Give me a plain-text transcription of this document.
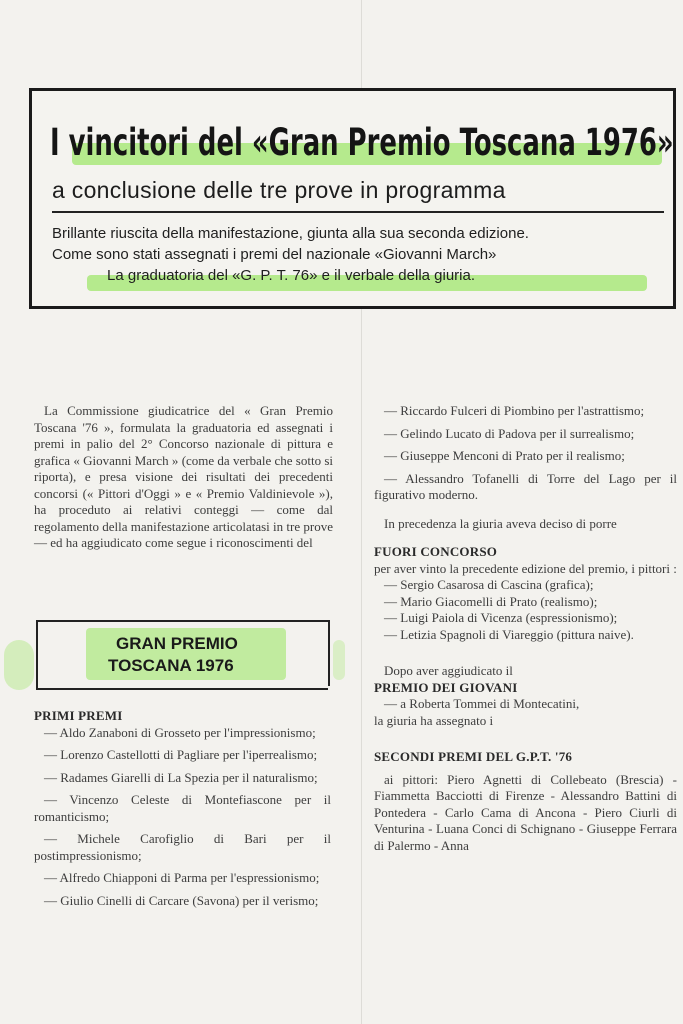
I vincitori del «Gran Premio Toscana 1976»
a conclusione delle tre prove in programma
Brillante riuscita della manifestazione, giunta alla sua seconda edizione.
Come sono stati assegnati i premi del nazionale «Giovanni March»
La graduatoria del «G. P. T. 76» e il verbale della giuria.

La Commissione giudicatrice del « Gran Premio Toscana '76 », formulata la graduatoria ed assegnati i premi in palio del 2° Concorso nazionale di pittura e grafica « Giovanni March » (come da verbale che sotto si riporta), e presa visione dei risultati dei precedenti concorsi (« Pittori d'Oggi » e « Premio Valdinievole »), ha proceduto ai relativi conteggi — come dal regolamento della manifestazione articolatasi in tre prove — ed ha aggiudicato come segue i riconoscimenti del

GRAN PREMIO
TOSCANA 1976
PRIMI PREMI

— Aldo Zanaboni di Grosseto per l'impressionismo;

— Lorenzo Castellotti di Pagliare per l'iperrealismo;

— Radames Giarelli di La Spezia per il naturalismo;

— Vincenzo Celeste di Montefiascone per il romanticismo;

— Michele Carofiglio di Bari per il postimpressionismo;

— Alfredo Chiapponi di Parma per l'espressionismo;

— Giulio Cinelli di Carcare (Savona) per il verismo;

— Riccardo Fulceri di Piombino per l'astrattismo;

— Gelindo Lucato di Padova per il surrealismo;

— Giuseppe Menconi di Prato per il realismo;

— Alessandro Tofanelli di Torre del Lago per il figurativo moderno.

In precedenza la giuria aveva deciso di porre

FUORI CONCORSO

per aver vinto la precedente edizione del premio, i pittori :

— Sergio Casarosa di Cascina (grafica);

— Mario Giacomelli di Prato (realismo);

— Luigi Paiola di Vicenza (espressionismo);

— Letizia Spagnoli di Viareggio (pittura naive).

Dopo aver aggiudicato il

PREMIO DEI GIOVANI

— a Roberta Tommei di Montecatini,

la giuria ha assegnato i

SECONDI PREMI DEL G.P.T. '76

ai pittori: Piero Agnetti di Collebeato (Brescia) - Fiammetta Bacciotti di Firenze - Alessandro Battini di Pontedera - Carlo Cama di Ancona - Piero Ciurli di Venturina - Luana Conci di Schignano - Giuseppe Ferrara di Palermo - Anna
